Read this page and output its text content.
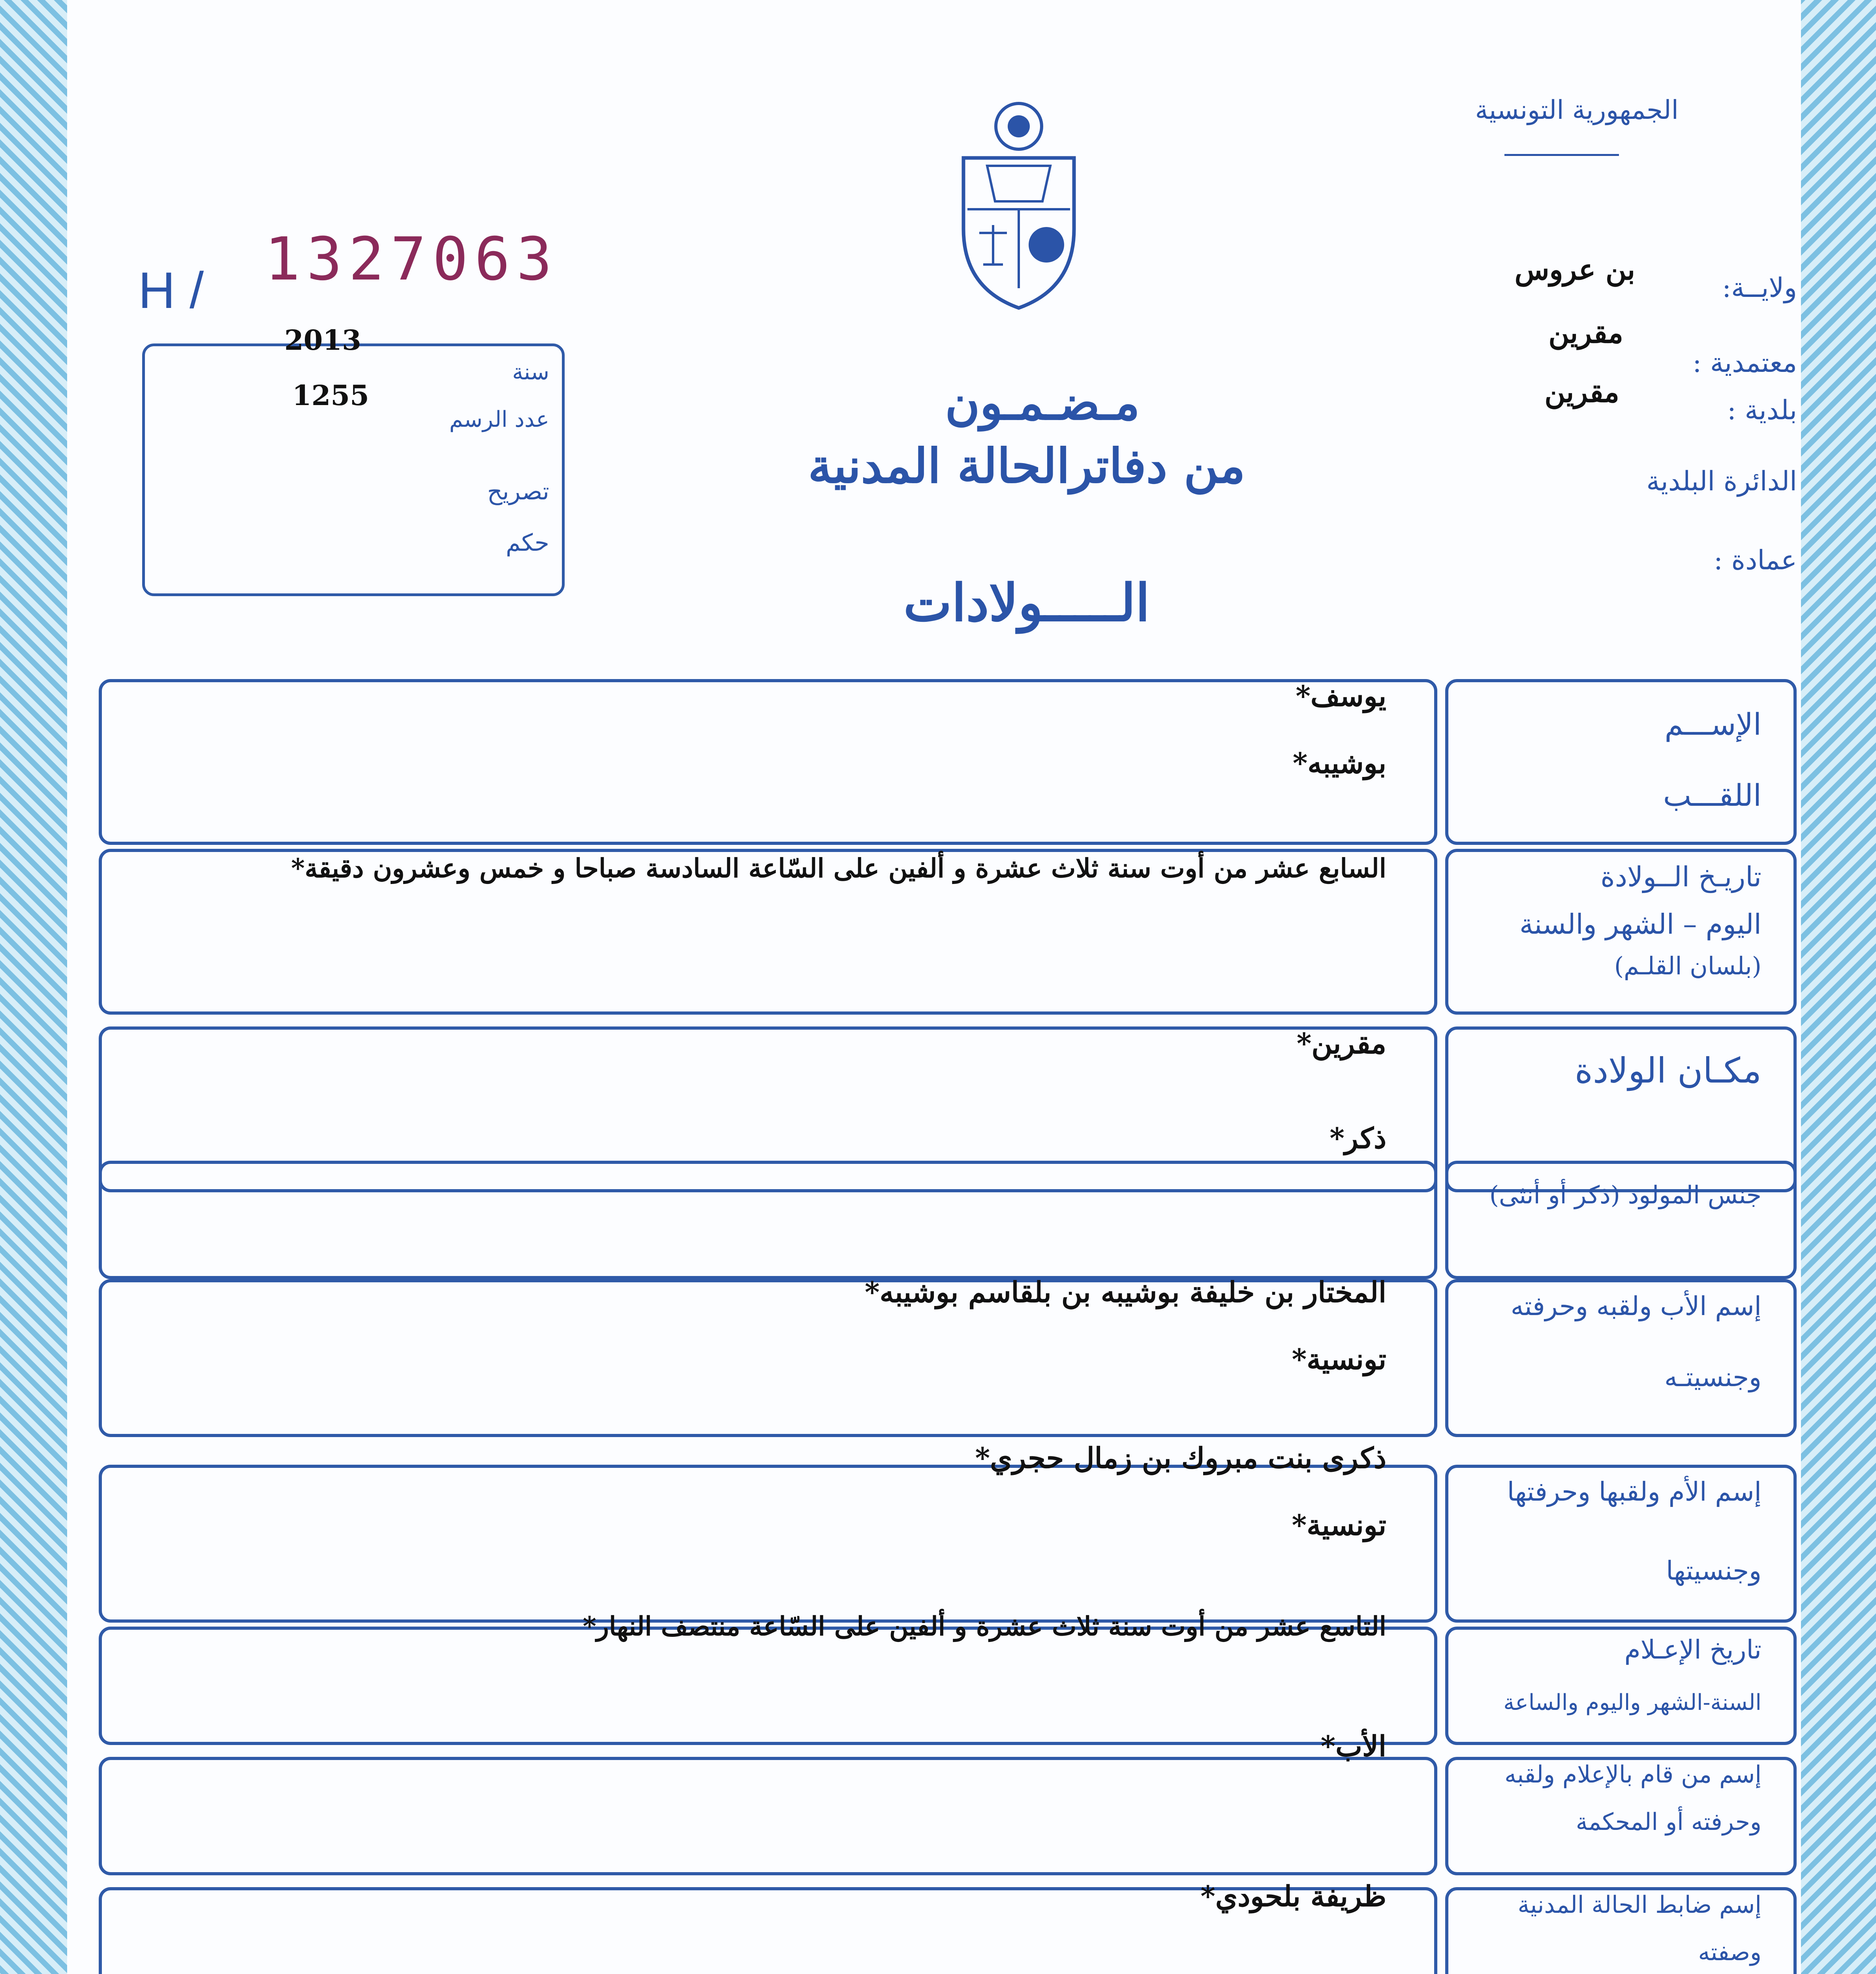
الجمهورية التونسية
H / 1327063	ولايــة:
بن عروس
معتمدية :
مقرين
بلدية :
مقرين
الدائرة البلدية
عمادة :
2013
1255
سنة
عدد الرسم
تصريح
حكم
مـضـمـون
من دفاترالحالة المدنية
الـــــولادات
الإســـم
اللقـــب
يوسف*
بوشيبه*
تاريـخ الــولادة
اليوم – الشهر والسنة
(بلسان القلـم)
السابع عشر من أوت سنة ثلاث عشرة و ألفين على السّاعة السادسة صباحا و خمس وعشرون دقيقة*
مكـان الولادة
مقرين*
جنس المولود (ذكر أو أنثى)
ذكر*
إسم الأب ولقبه وحرفته
وجنسيتـه
المختار بن خليفة بوشيبه بن بلقاسم بوشيبه*
تونسية*
إسم الأم ولقبها وحرفتها
وجنسيتها
ذكرى بنت مبروك بن زمال حجري*
تونسية*
تاريخ الإعـلام
السنة-الشهر واليوم والساعة
التاسع عشر من أوت سنة ثلاث عشرة و ألفين على السّاعة منتصف النهار*
إسم من قام بالإعلام ولقبه
وحرفته أو المحكمة
الأب*
إسم ضابط الحالة المدنية
وصفته
ظريفة بلحودي*
